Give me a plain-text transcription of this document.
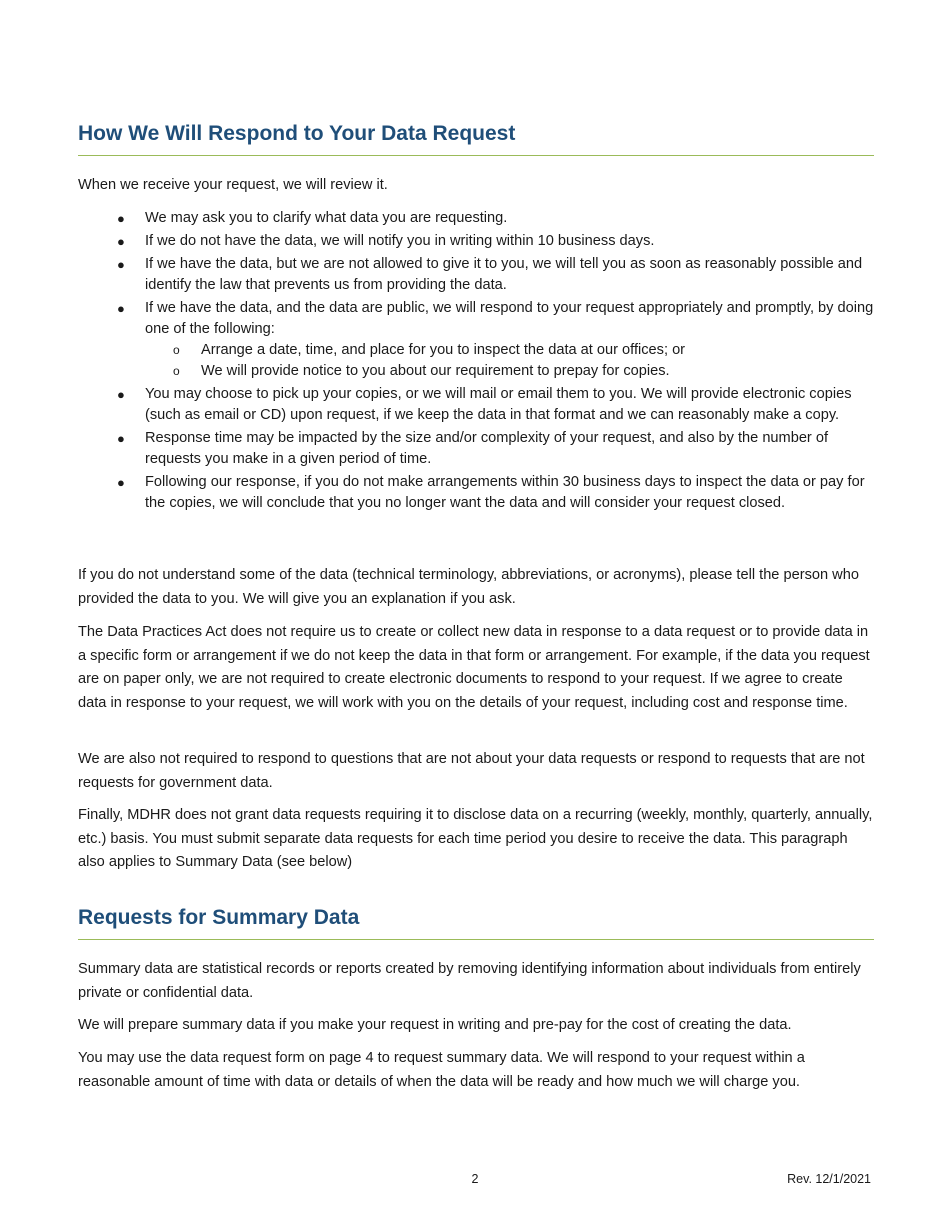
How We Will Respond to Your Data Request

When we receive your request, we will review it.

● We may ask you to clarify what data you are requesting.
● If we do not have the data, we will notify you in writing within 10 business days.
● If we have the data, but we are not allowed to give it to you, we will tell you as soon as reasonably possible and identify the law that prevents us from providing the data.
● If we have the data, and the data are public, we will respond to your request appropriately and promptly, by doing one of the following:
o Arrange a date, time, and place for you to inspect the data at our offices; or
o We will provide notice to you about our requirement to prepay for copies.
● You may choose to pick up your copies, or we will mail or email them to you. We will provide electronic copies (such as email or CD) upon request, if we keep the data in that format and we can reasonably make a copy.
● Response time may be impacted by the size and/or complexity of your request, and also by the number of requests you make in a given period of time.
● Following our response, if you do not make arrangements within 30 business days to inspect the data or pay for the copies, we will conclude that you no longer want the data and will consider your request closed.

If you do not understand some of the data (technical terminology, abbreviations, or acronyms), please tell the person who provided the data to you. We will give you an explanation if you ask.

The Data Practices Act does not require us to create or collect new data in response to a data request or to provide data in a specific form or arrangement if we do not keep the data in that form or arrangement. For example, if the data you request are on paper only, we are not required to create electronic documents to respond to your request. If we agree to create data in response to your request, we will work with you on the details of your request, including cost and response time.

We are also not required to respond to questions that are not about your data requests or respond to requests that are not requests for government data.

Finally, MDHR does not grant data requests requiring it to disclose data on a recurring (weekly, monthly, quarterly, annually, etc.) basis. You must submit separate data requests for each time period you desire to receive the data. This paragraph also applies to Summary Data (see below)

Requests for Summary Data

Summary data are statistical records or reports created by removing identifying information about individuals from entirely private or confidential data.

We will prepare summary data if you make your request in writing and pre-pay for the cost of creating the data.

You may use the data request form on page 4 to request summary data. We will respond to your request within a reasonable amount of time with data or details of when the data will be ready and how much we will charge you.

2	Rev. 12/1/2021
